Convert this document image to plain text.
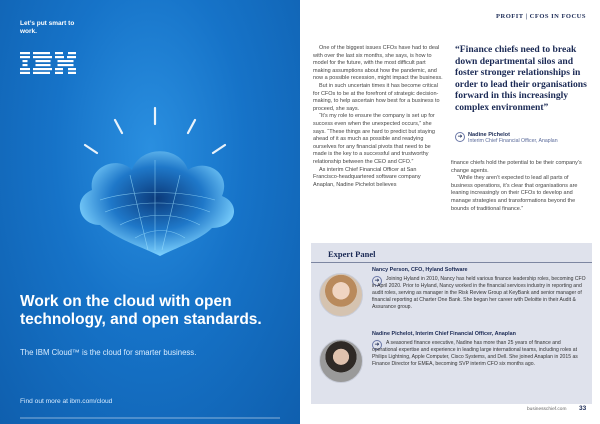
Let’s put smart to work.
Work on the cloud with open technology, and open standards.
The IBM Cloud™ is the cloud for smarter business.
Find out more at ibm.com/cloud
PROFIT | CFOS IN FOCUS

One of the biggest issues CFOs have had to deal with over the last six months, she says, is how to model for the future, with the most difficult part making assumptions about how the pandemic, and now a possible recession, might impact the business.

But in such uncertain times it has become critical for CFOs to be at the forefront of strategic decision-making, to help ascertain how best for a business to proceed, she says.

“It’s my role to ensure the company is set up for success even when the unexpected occurs,” she says. “These things are hard to predict but staying ahead of it as much as possible and readying ourselves for any financial pivots that need to be made is the key to a successful and trustworthy relationship between the CEO and CFO.”

As interim Chief Financial Officer at San Francisco-headquartered software company Anaplan, Nadine Pichelot believes

“Finance chiefs need to break down departmental silos and foster stronger relationships in order to lead their organisations forward in this increasingly complex environment”
➜ Nadine Pichelot
Interim Chief Financial Officer, Anaplan

finance chiefs hold the potential to be their company’s change agents.

“While they aren’t expected to lead all parts of business operations, it’s clear that organisations are leaning increasingly on their CFOs to develop and manage strategies and transformations beyond the bounds of traditional finance.”

Expert Panel
Nancy Person, CFO, Hyland Software
➜	Joining Hyland in 2010, Nancy has held various finance leadership roles, becoming CFO in April 2020. Prior to Hyland, Nancy worked in the financial services industry in reporting and audit roles, serving as manager in the Risk Review Group at KeyBank and senior manager of financial reporting at Charter One Bank. She began her career with Deloitte in their Audit & Assurance group.
Nadine Pichelot, Interim Chief Financial Officer, Anaplan
➜	A seasoned finance executive, Nadine has more than 25 years of finance and operational expertise and experience in leading large international teams, including roles at Philips Lightning, Apple Computer, Cisco Systems, and Dell. She joined Anaplan in 2015 as Finance Director for EMEA, becoming SVP interim CFO six months ago.
businesschief.com 33
